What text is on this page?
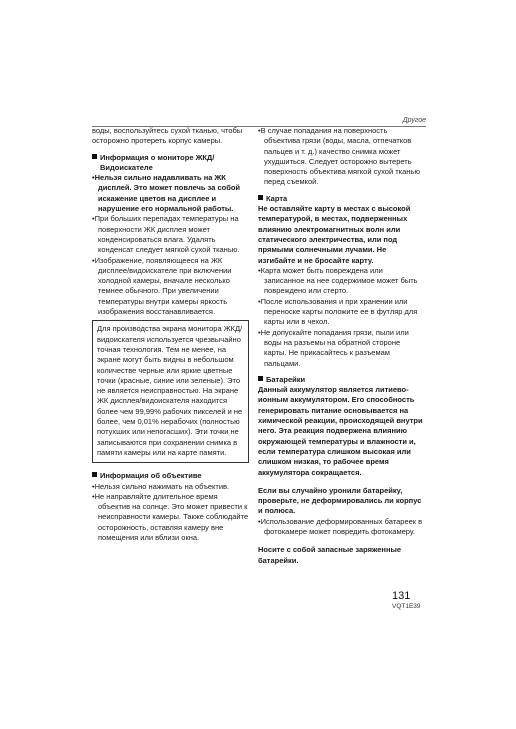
Другое

воды, воспользуйтесь сухой тканью, чтобы осторожно протереть корпус камеры.

Информация о мониторе ЖКД/ Видоискателе

•Нельзя сильно надавливать на ЖК дисплей. Это может повлечь за собой искажение цветов на дисплее и нарушение его нормальной работы.

•При больших перепадах температуры на поверхности ЖК дисплея может конденсироваться влага. Удалять конденсат следует мягкой сухой тканью.

•Изображение, появляющееся на ЖК дисплее/видоискателе при включении холодной камеры, вначале несколько темнее обычного. При увеличении температуры внутри камеры яркость изображения восстанавливается.

Для производства экрана монитора ЖКД/видоискателя используется чрезвычайно точная технология. Тем не менее, на экране могут быть видны в небольшом количестве черные или яркие цветные точки (красные, синие или зеленые). Это не является неисправностью. На экране ЖК дисплея/видоискателя находится более чем 99,99% рабочих пикселей и не более, чем 0,01% нерабочих (полностью потухших или непогасших). Эти точки не записываются при сохранении снимка в памяти камеры или на карте памяти.

Информация об объективе

•Нельзя сильно нажимать на объектив.

•Не направляйте длительное время объектив на солнце. Это может привести к неисправности камеры. Также соблюдайте осторожность, оставляя камеру вне помещения или вблизи окна.

•В случае попадания на поверхность объектива грязи (воды, масла, отпечатков пальцев и т. д.) качество снимка может ухудшиться. Следует осторожно вытереть поверхность объектива мягкой сухой тканью перед съемкой.

Карта

Не оставляйте карту в местах с высокой температурой, в местах, подверженных влиянию электромагнитных волн или статического электричества, или под прямыми солнечными лучами. Не изгибайте и не бросайте карту.

•Карта может быть повреждена или записанное на нее содержимое может быть повреждено или стерто.

•После использования и при хранении или переноске карты положите ее в футляр для карты или в чехол.

•Не допускайте попадания грязи, пыли или воды на разъемы на обратной стороне карты. Не прикасайтесь к разъемам пальцами.

Батарейки

Данный аккумулятор является литиево-ионным аккумулятором. Его способность генерировать питание основывается на химической реакции, происходящей внутри него. Эта реакция подвержена влиянию окружающей температуры и влажности и, если температура слишком высокая или слишком низкая, то рабочее время аккумулятора сокращается.

Если вы случайно уронили батарейку, проверьте, не деформировались ли корпус и полюса.

•Использование деформированных батареек в фотокамере может повредить фотокамеру.

Носите с собой запасные заряженные батарейки.

131
VQT1E39
